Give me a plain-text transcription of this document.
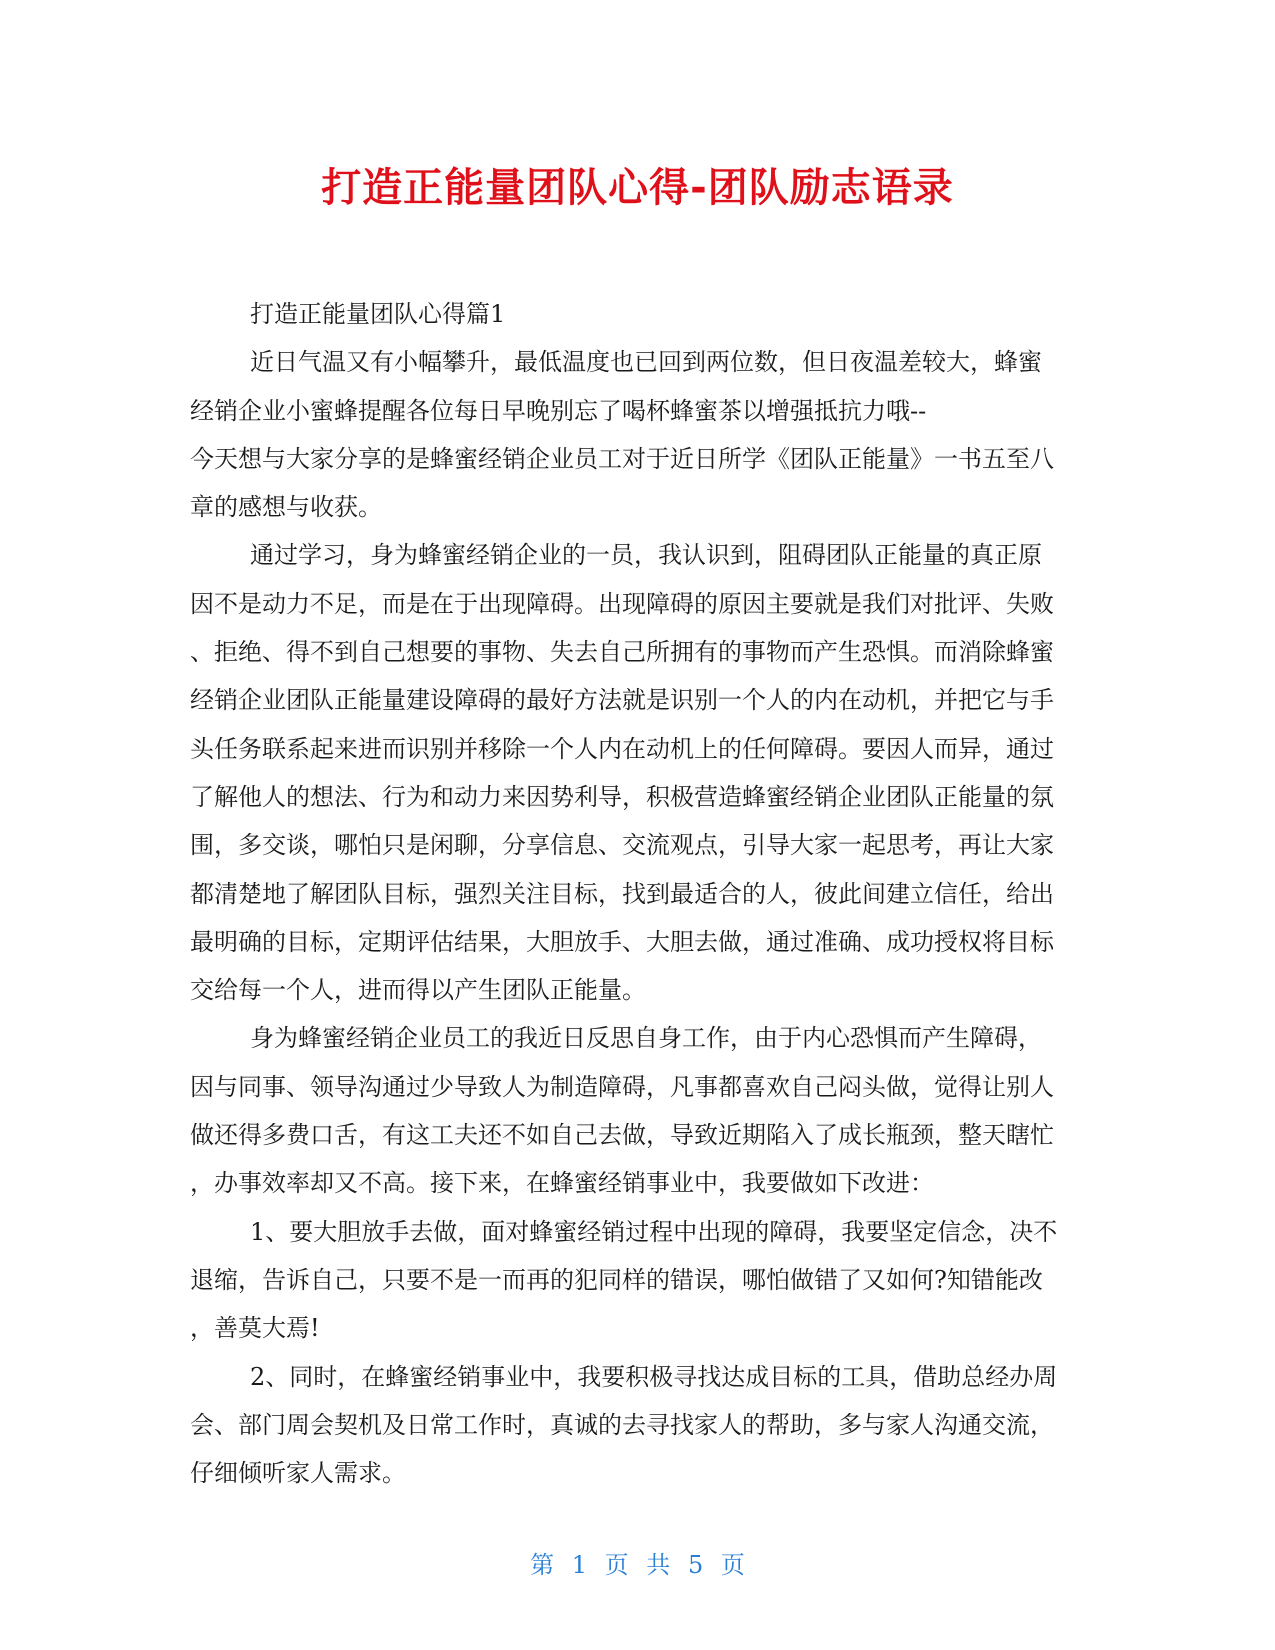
打造正能量团队心得-团队励志语录
打造正能量团队心得篇1
近日气温又有小幅攀升，最低温度也已回到两位数，但日夜温差较大，蜂蜜
经销企业小蜜蜂提醒各位每日早晚别忘了喝杯蜂蜜茶以增强抵抗力哦--
今天想与大家分享的是蜂蜜经销企业员工对于近日所学《团队正能量》一书五至八
章的感想与收获。
通过学习，身为蜂蜜经销企业的一员，我认识到，阻碍团队正能量的真正原
因不是动力不足，而是在于出现障碍。出现障碍的原因主要就是我们对批评、失败
、拒绝、得不到自己想要的事物、失去自己所拥有的事物而产生恐惧。而消除蜂蜜
经销企业团队正能量建设障碍的最好方法就是识别一个人的内在动机，并把它与手
头任务联系起来进而识别并移除一个人内在动机上的任何障碍。要因人而异，通过
了解他人的想法、行为和动力来因势利导，积极营造蜂蜜经销企业团队正能量的氛
围，多交谈，哪怕只是闲聊，分享信息、交流观点，引导大家一起思考，再让大家
都清楚地了解团队目标，强烈关注目标，找到最适合的人，彼此间建立信任，给出
最明确的目标，定期评估结果，大胆放手、大胆去做，通过准确、成功授权将目标
交给每一个人，进而得以产生团队正能量。
身为蜂蜜经销企业员工的我近日反思自身工作，由于内心恐惧而产生障碍，
因与同事、领导沟通过少导致人为制造障碍，凡事都喜欢自己闷头做，觉得让别人
做还得多费口舌，有这工夫还不如自己去做，导致近期陷入了成长瓶颈，整天瞎忙
，办事效率却又不高。接下来，在蜂蜜经销事业中，我要做如下改进：
1、要大胆放手去做，面对蜂蜜经销过程中出现的障碍，我要坚定信念，决不
退缩，告诉自己，只要不是一而再的犯同样的错误，哪怕做错了又如何?知错能改
，善莫大焉!
2、同时，在蜂蜜经销事业中，我要积极寻找达成目标的工具，借助总经办周
会、部门周会契机及日常工作时，真诚的去寻找家人的帮助，多与家人沟通交流，
仔细倾听家人需求。
第 1 页 共 5 页
